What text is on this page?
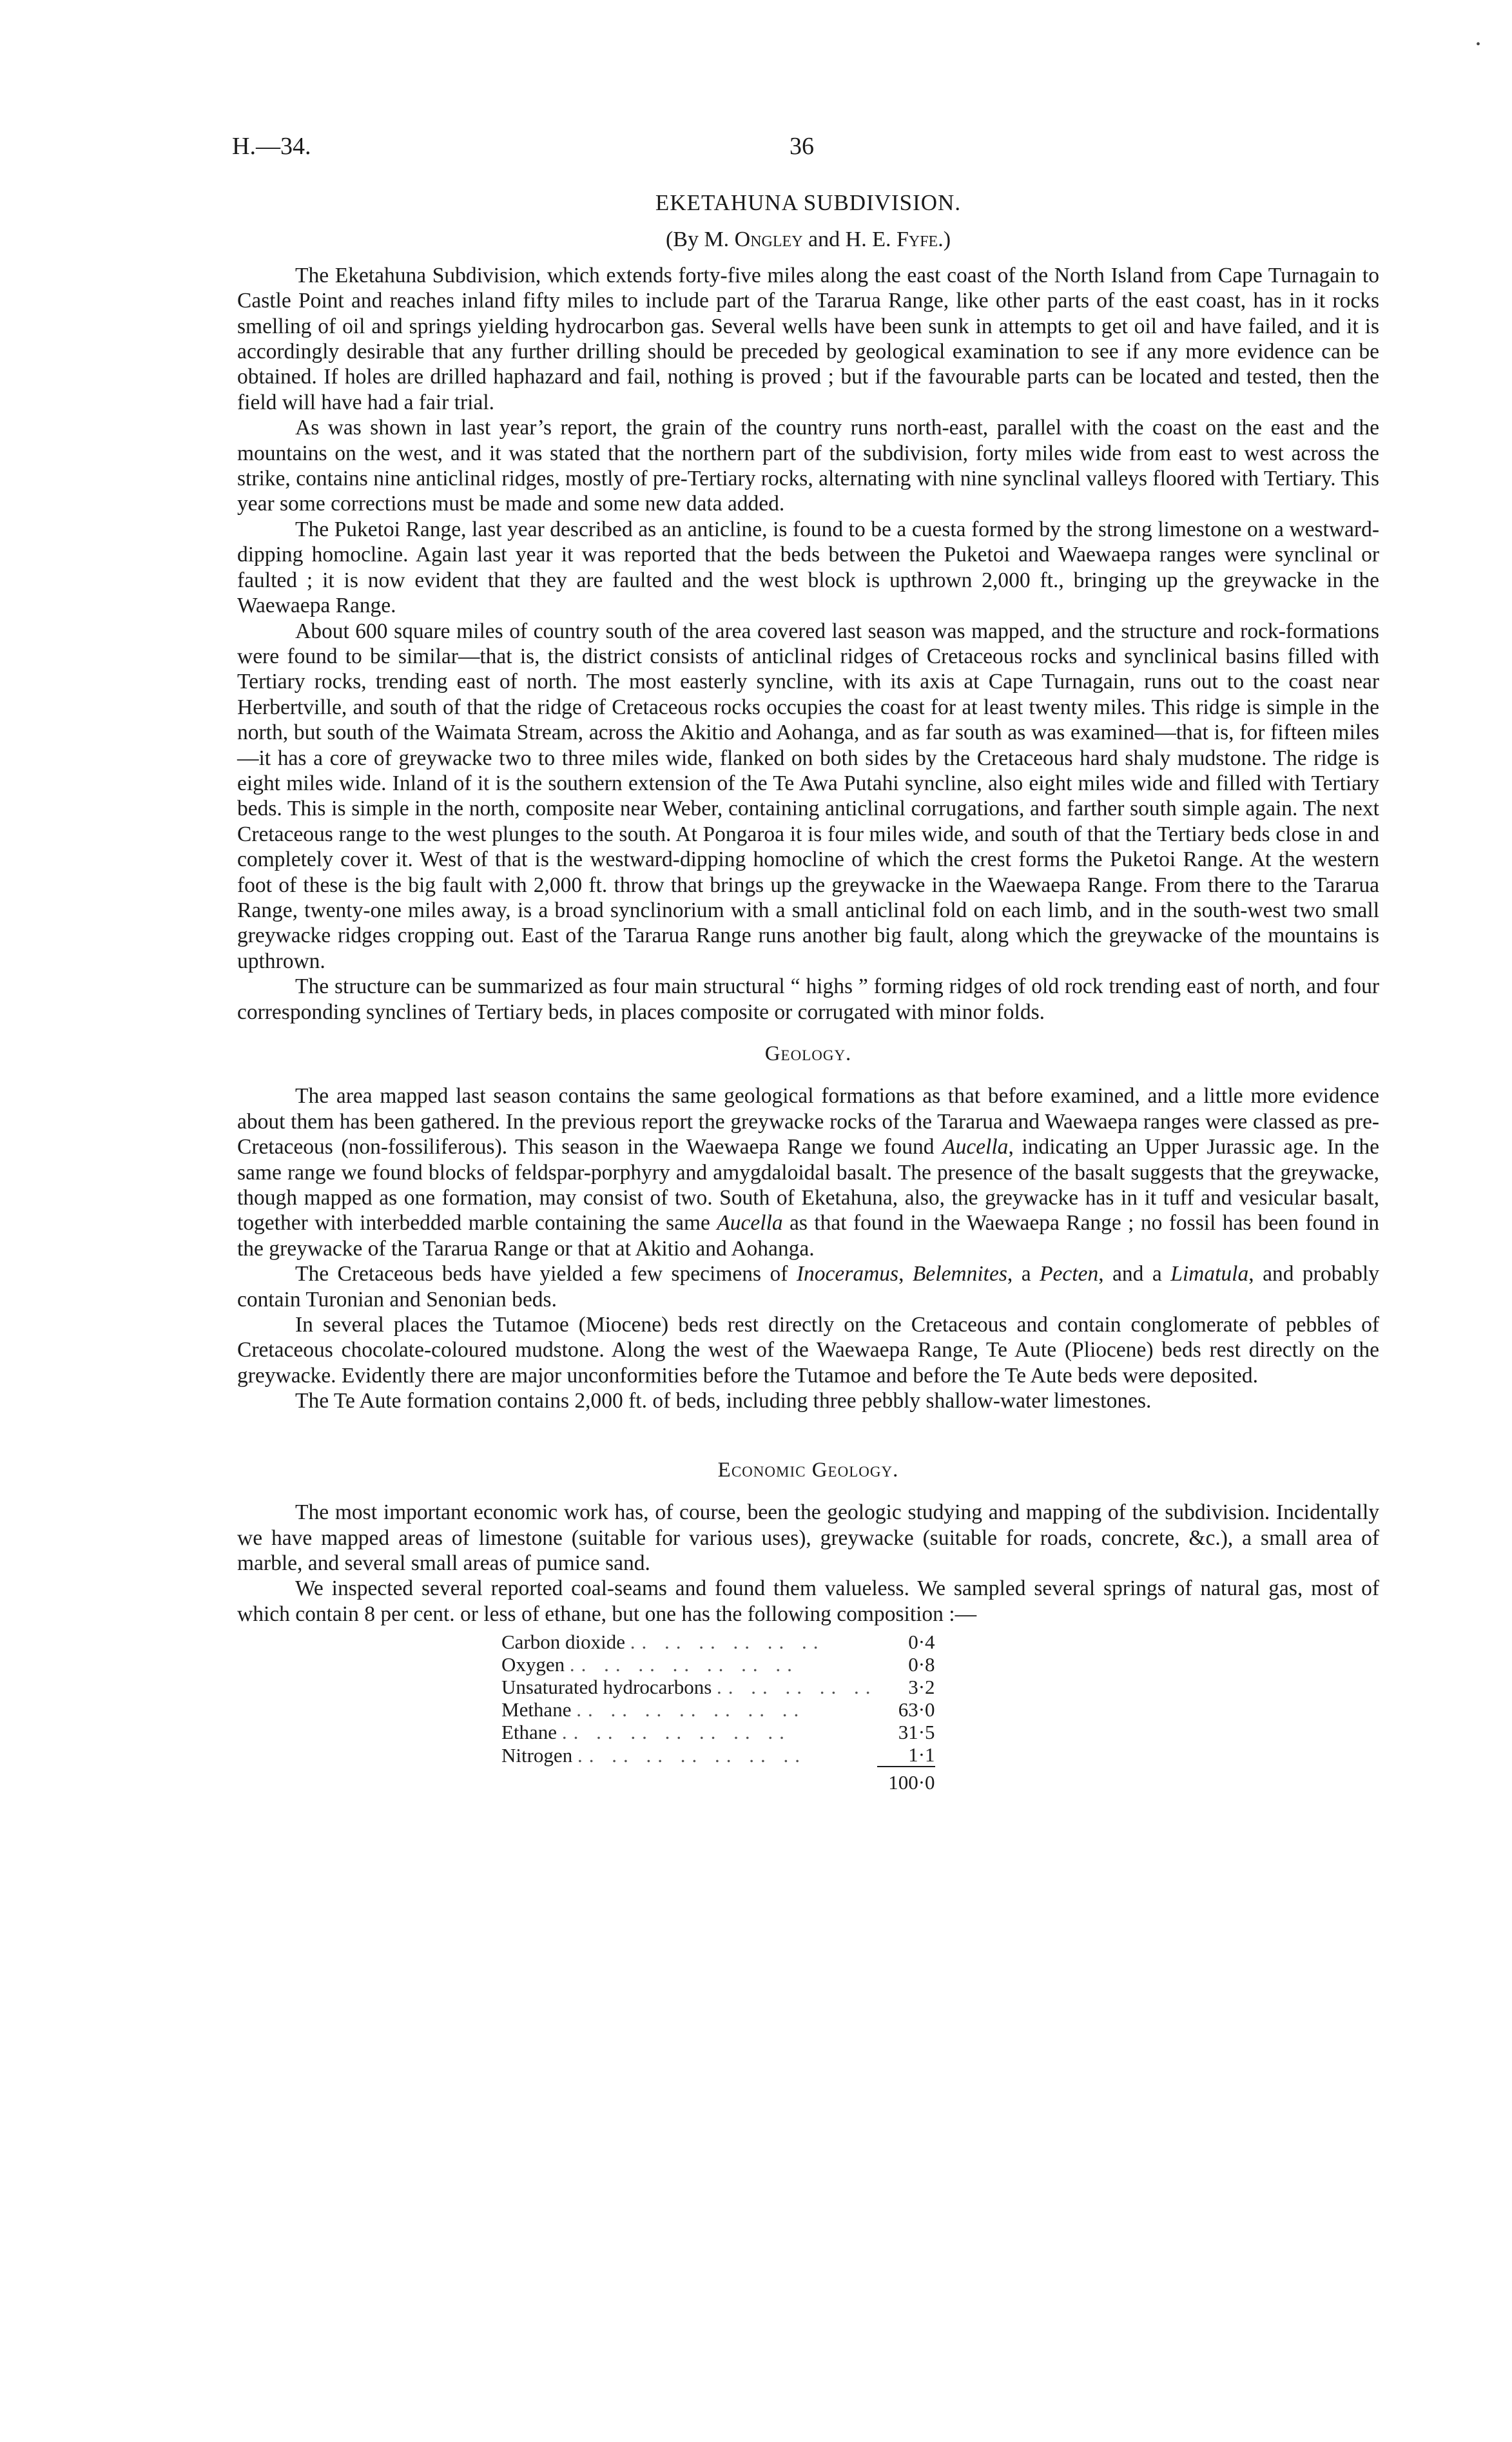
•
H.—34.	36
EKETAHUNA SUBDIVISION.
(By M. Ongley and H. E. Fyfe.)

The Eketahuna Subdivision, which extends forty-five miles along the east coast of the North Island from Cape Turnagain to Castle Point and reaches inland fifty miles to include part of the Tararua Range, like other parts of the east coast, has in it rocks smelling of oil and springs yielding hydrocarbon gas. Several wells have been sunk in attempts to get oil and have failed, and it is accordingly desirable that any further drilling should be preceded by geological examination to see if any more evidence can be obtained. If holes are drilled haphazard and fail, nothing is proved ; but if the favourable parts can be located and tested, then the field will have had a fair trial.

As was shown in last year’s report, the grain of the country runs north-east, parallel with the coast on the east and the mountains on the west, and it was stated that the northern part of the subdivision, forty miles wide from east to west across the strike, contains nine anticlinal ridges, mostly of pre-Tertiary rocks, alternating with nine synclinal valleys floored with Tertiary. This year some corrections must be made and some new data added.

The Puketoi Range, last year described as an anticline, is found to be a cuesta formed by the strong limestone on a westward-dipping homocline. Again last year it was reported that the beds between the Puketoi and Waewaepa ranges were synclinal or faulted ; it is now evident that they are faulted and the west block is upthrown 2,000 ft., bringing up the greywacke in the Waewaepa Range.

About 600 square miles of country south of the area covered last season was mapped, and the structure and rock-formations were found to be similar—that is, the district consists of anticlinal ridges of Cretaceous rocks and synclinical basins filled with Tertiary rocks, trending east of north. The most easterly syncline, with its axis at Cape Turnagain, runs out to the coast near Herbertville, and south of that the ridge of Cretaceous rocks occupies the coast for at least twenty miles. This ridge is simple in the north, but south of the Waimata Stream, across the Akitio and Aohanga, and as far south as was examined—that is, for fifteen miles—it has a core of greywacke two to three miles wide, flanked on both sides by the Cretaceous hard shaly mudstone. The ridge is eight miles wide. Inland of it is the southern extension of the Te Awa Putahi syncline, also eight miles wide and filled with Tertiary beds. This is simple in the north, composite near Weber, containing anticlinal corrugations, and farther south simple again. The next Cretaceous range to the west plunges to the south. At Pongaroa it is four miles wide, and south of that the Tertiary beds close in and completely cover it. West of that is the westward-dipping homocline of which the crest forms the Puketoi Range. At the western foot of these is the big fault with 2,000 ft. throw that brings up the greywacke in the Waewaepa Range. From there to the Tararua Range, twenty-one miles away, is a broad synclinorium with a small anticlinal fold on each limb, and in the south-west two small greywacke ridges cropping out. East of the Tararua Range runs another big fault, along which the greywacke of the mountains is upthrown.

The structure can be summarized as four main structural “ highs ” forming ridges of old rock trending east of north, and four corresponding synclines of Tertiary beds, in places composite or corrugated with minor folds.

Geology.

The area mapped last season contains the same geological formations as that before examined, and a little more evidence about them has been gathered. In the previous report the greywacke rocks of the Tararua and Waewaepa ranges were classed as pre-Cretaceous (non-fossiliferous). This season in the Waewaepa Range we found Aucella, indicating an Upper Jurassic age. In the same range we found blocks of feldspar-porphyry and amygdaloidal basalt. The presence of the basalt suggests that the greywacke, though mapped as one formation, may consist of two. South of Eketahuna, also, the greywacke has in it tuff and vesicular basalt, together with interbedded marble containing the same Aucella as that found in the Waewaepa Range ; no fossil has been found in the greywacke of the Tararua Range or that at Akitio and Aohanga.

The Cretaceous beds have yielded a few specimens of Inoceramus, Belemnites, a Pecten, and a Limatula, and probably contain Turonian and Senonian beds.

In several places the Tutamoe (Miocene) beds rest directly on the Cretaceous and contain conglomerate of pebbles of Cretaceous chocolate-coloured mudstone. Along the west of the Waewaepa Range, Te Aute (Pliocene) beds rest directly on the greywacke. Evidently there are major unconformities before the Tutamoe and before the Te Aute beds were deposited.

The Te Aute formation contains 2,000 ft. of beds, including three pebbly shallow-water limestones.

Economic Geology.

The most important economic work has, of course, been the geologic studying and mapping of the subdivision. Incidentally we have mapped areas of limestone (suitable for various uses), greywacke (suitable for roads, concrete, &c.), a small area of marble, and several small areas of pumice sand.

We inspected several reported coal-seams and found them valueless. We sampled several springs of natural gas, most of which contain 8 per cent. or less of ethane, but one has the following composition :—

Carbon dioxide .. .. .. .. .. ..	0·4
Oxygen .. .. .. .. .. .. ..	0·8
Unsaturated hydrocarbons .. .. .. .. ..	3·2
Methane .. .. .. .. .. .. ..	63·0
Ethane .. .. .. .. .. .. ..	31·5
Nitrogen .. .. .. .. .. .. ..	1·1
	100·0
